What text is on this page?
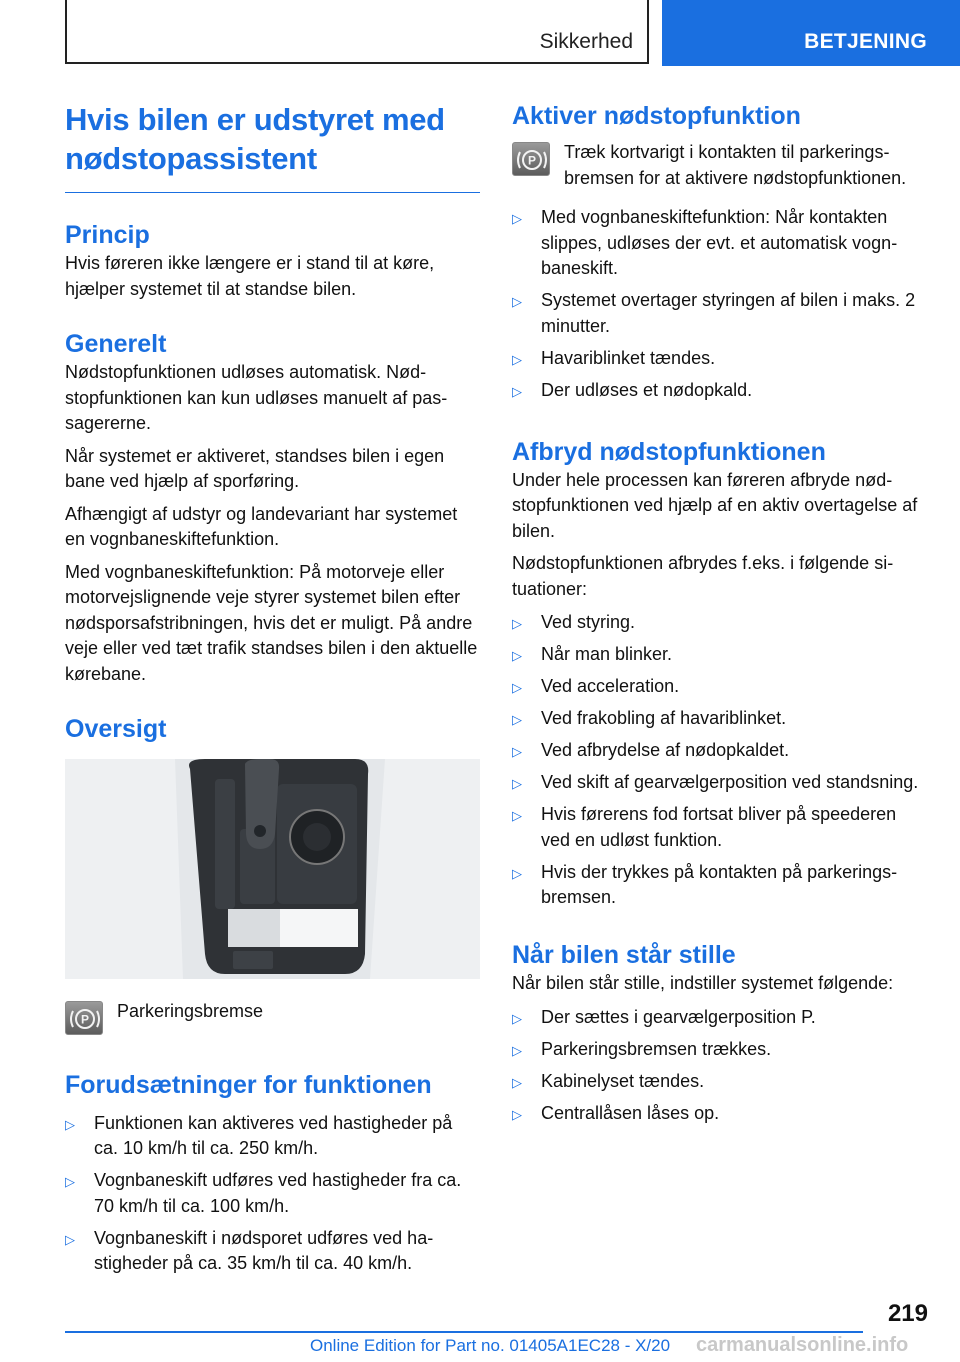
Sikkerhed	BETJENING
Hvis bilen er udstyret med nødstopassistent
Princip

Hvis føreren ikke længere er i stand til at køre, hjælper systemet til at standse bilen.

Generelt

Nødstopfunktionen udløses automatisk. Nødstopfunktionen kan kun udløses manuelt af passagererne.

Når systemet er aktiveret, standses bilen i egen bane ved hjælp af sporføring.

Afhængigt af udstyr og landevariant har systemet en vognbaneskiftefunktion.

Med vognbaneskiftefunktion: På motorveje eller motorvejslignende veje styrer systemet bilen efter nødsporsafstribningen, hvis det er muligt. På andre veje eller ved tæt trafik standses bilen i den aktuelle kørebane.

Oversigt
P	Parkeringsbremse

Forudsætninger for funktionen
▷ Funktionen kan aktiveres ved hastigheder på ca. 10 km/h til ca. 250 km/h.
▷ Vognbaneskift udføres ved hastigheder fra ca. 70 km/h til ca. 100 km/h.
▷ Vognbaneskift i nødsporet udføres ved hastigheder på ca. 35 km/h til ca. 40 km/h.
Aktiver nødstopfunktion
P	Træk kortvarigt i kontakten til parkeringsbremsen for at aktivere nødstopfunktionen.

▷ Med vognbaneskiftefunktion: Når kontakten slippes, udløses der evt. et automatisk vognbaneskift.
▷ Systemet overtager styringen af bilen i maks. 2 minutter.
▷ Havariblinket tændes.
▷ Der udløses et nødopkald.
Afbryd nødstopfunktionen

Under hele processen kan føreren afbryde nødstopfunktionen ved hjælp af en aktiv overtagelse af bilen.

Nødstopfunktionen afbrydes f.eks. i følgende situationer:

▷ Ved styring.
▷ Når man blinker.
▷ Ved acceleration.
▷ Ved frakobling af havariblinket.
▷ Ved afbrydelse af nødopkaldet.
▷ Ved skift af gearvælgerposition ved standsning.
▷ Hvis førerens fod fortsat bliver på speederen ved en udløst funktion.
▷ Hvis der trykkes på kontakten på parkeringsbremsen.
Når bilen står stille

Når bilen står stille, indstiller systemet følgende:

▷ Der sættes i gearvælgerposition P.
▷ Parkeringsbremsen trækkes.
▷ Kabinelyset tændes.
▷ Centrallåsen låses op.
219
Online Edition for Part no. 01405A1EC28 - X/20 carmanualsonline.info
